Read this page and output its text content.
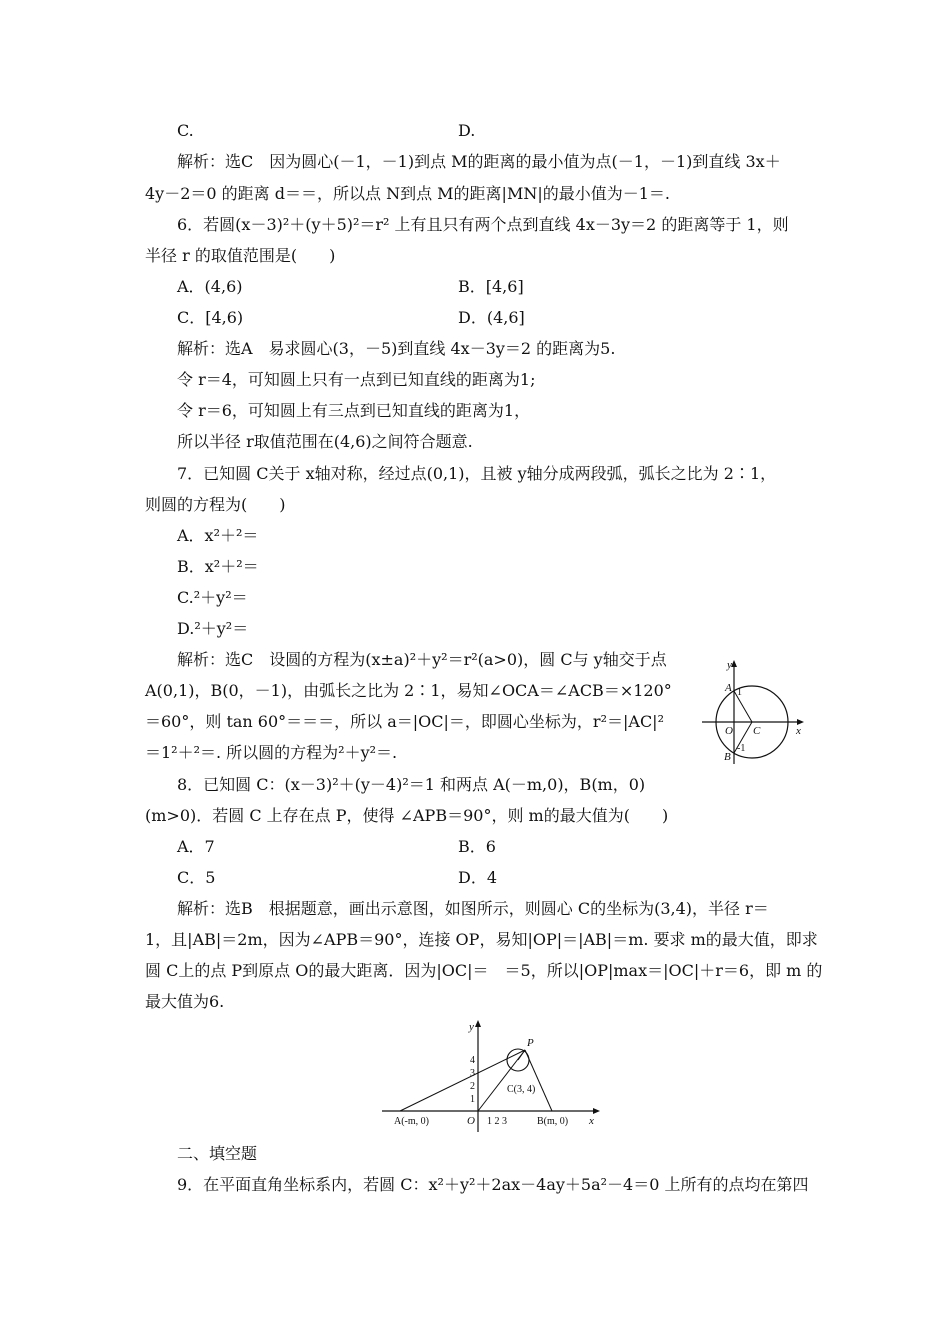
C.	D.
解析：选C　因为圆心(－1，－1)到点 M的距离的最小值为点(－1，－1)到直线 3x＋
4y－2＝0 的距离 d＝＝，所以点 N到点 M的距离|MN|的最小值为－1＝.
6．若圆(x－3)²＋(y＋5)²＝r² 上有且只有两个点到直线 4x－3y＝2 的距离等于 1，则
半径 r 的取值范围是(　　)
A．(4,6)	B．[4,6]
C．[4,6)	D．(4,6]
解析：选A　易求圆心(3，－5)到直线 4x－3y＝2 的距离为5.
令 r＝4，可知圆上只有一点到已知直线的距离为1;
令 r＝6，可知圆上有三点到已知直线的距离为1，
所以半径 r取值范围在(4,6)之间符合题意.
7．已知圆 C关于 x轴对称，经过点(0,1)，且被 y轴分成两段弧，弧长之比为 2∶1，
则圆的方程为(　　)
A．x²＋²＝
B．x²＋²＝
C.²＋y²＝
D.²＋y²＝
解析：选C　设圆的方程为(x±a)²＋y²＝r²(a>0)，圆 C与 y轴交于点
A(0,1)，B(0，－1)，由弧长之比为 2∶1，易知∠OCA＝∠ACB＝×120°
＝60°，则 tan 60°＝＝＝，所以 a＝|OC|＝，即圆心坐标为，r²＝|AC|²
＝1²＋²＝. 所以圆的方程为²＋y²＝.
8．已知圆 C：(x－3)²＋(y－4)²＝1 和两点 A(－m,0)，B(m，0)
(m>0)．若圆 C 上存在点 P，使得 ∠APB＝90°，则 m的最大值为(　　)
A．7	B．6
C．5	D．4
解析：选B　根据题意，画出示意图，如图所示，则圆心 C的坐标为(3,4)，半径 r＝
1，且|AB|＝2m，因为∠APB＝90°，连接 OP，易知|OP|＝|AB|＝m. 要求 m的最大值，即求
圆 C上的点 P到原点 O的最大距离．因为|OC|＝　＝5，所以|OP|max＝|OC|＋r＝6，即 m 的
最大值为6.
二、填空题
9．在平面直角坐标系内，若圆 C：x²＋y²＋2ax－4ay＋5a²－4＝0 上所有的点均在第四
y
x
A 1
O C
-1
B
y
P
4
3
2
1
C(3, 4)
O 1 2 3
A(-m, 0)	B(m, 0) x
